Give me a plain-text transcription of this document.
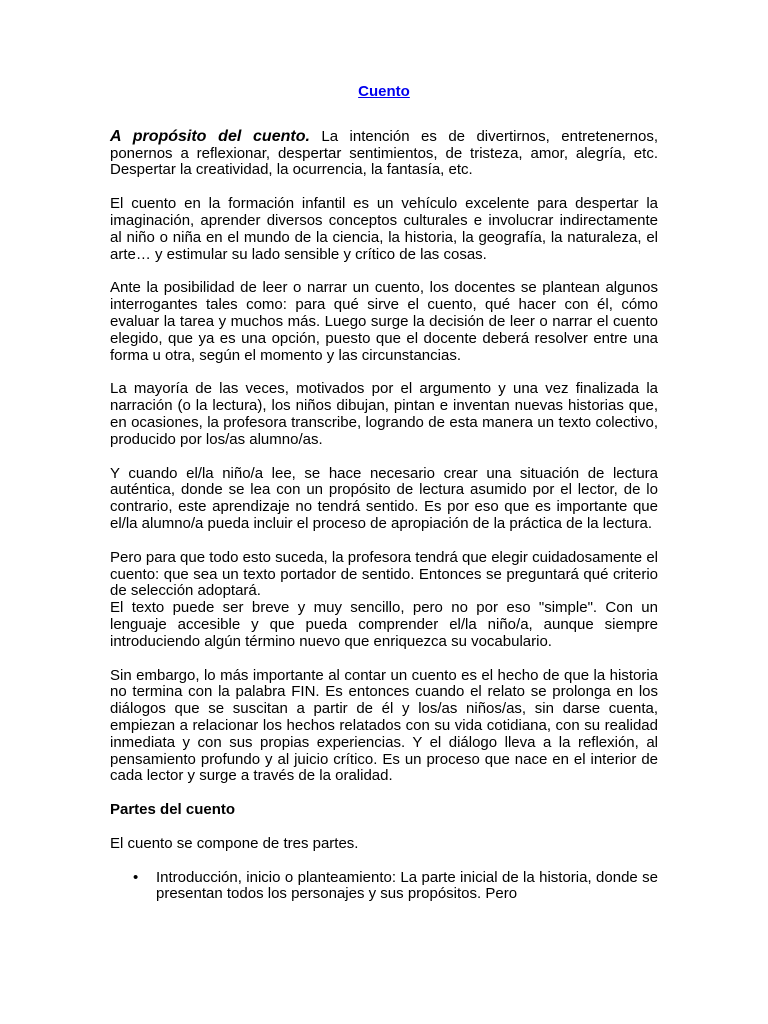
Cuento

A propósito del cuento. La intención es de divertirnos, entretenernos, ponernos a reflexionar, despertar sentimientos, de tristeza, amor, alegría, etc. Despertar la creatividad, la ocurrencia, la fantasía, etc.

El cuento en la formación infantil es un vehículo excelente para despertar la imaginación, aprender diversos conceptos culturales e involucrar indirectamente al niño o niña en el mundo de la ciencia, la historia, la geografía, la naturaleza, el arte… y estimular su lado sensible y crítico de las cosas.

Ante la posibilidad de leer o narrar un cuento, los docentes se plantean algunos interrogantes tales como: para qué sirve el cuento, qué hacer con él, cómo evaluar la tarea y muchos más. Luego surge la decisión de leer o narrar el cuento elegido, que ya es una opción, puesto que el docente deberá resolver entre una forma u otra, según el momento y las circunstancias.

La mayoría de las veces, motivados por el argumento y una vez finalizada la narración (o la lectura), los niños dibujan, pintan e inventan nuevas historias que, en ocasiones, la profesora transcribe, logrando de esta manera un texto colectivo, producido por los/as alumno/as.

Y cuando el/la niño/a lee, se hace necesario crear una situación de lectura auténtica, donde se lea con un propósito de lectura asumido por el lector, de lo contrario, este aprendizaje no tendrá sentido. Es por eso que es importante que el/la alumno/a pueda incluir el proceso de apropiación de la práctica de la lectura.

Pero para que todo esto suceda, la profesora tendrá que elegir cuidadosamente el cuento: que sea un texto portador de sentido. Entonces se preguntará qué criterio de selección adoptará.

El texto puede ser breve y muy sencillo, pero no por eso "simple". Con un lenguaje accesible y que pueda comprender el/la niño/a, aunque siempre introduciendo algún término nuevo que enriquezca su vocabulario.

Sin embargo, lo más importante al contar un cuento es el hecho de que la historia no termina con la palabra FIN. Es entonces cuando el relato se prolonga en los diálogos que se suscitan a partir de él y los/as niños/as, sin darse cuenta, empiezan a relacionar los hechos relatados con su vida cotidiana, con su realidad inmediata y con sus propias experiencias. Y el diálogo lleva a la reflexión, al pensamiento profundo y al juicio crítico. Es un proceso que nace en el interior de cada lector y surge a través de la oralidad.

Partes del cuento

El cuento se compone de tres partes.

• Introducción, inicio o planteamiento: La parte inicial de la historia, donde se presentan todos los personajes y sus propósitos. Pero
